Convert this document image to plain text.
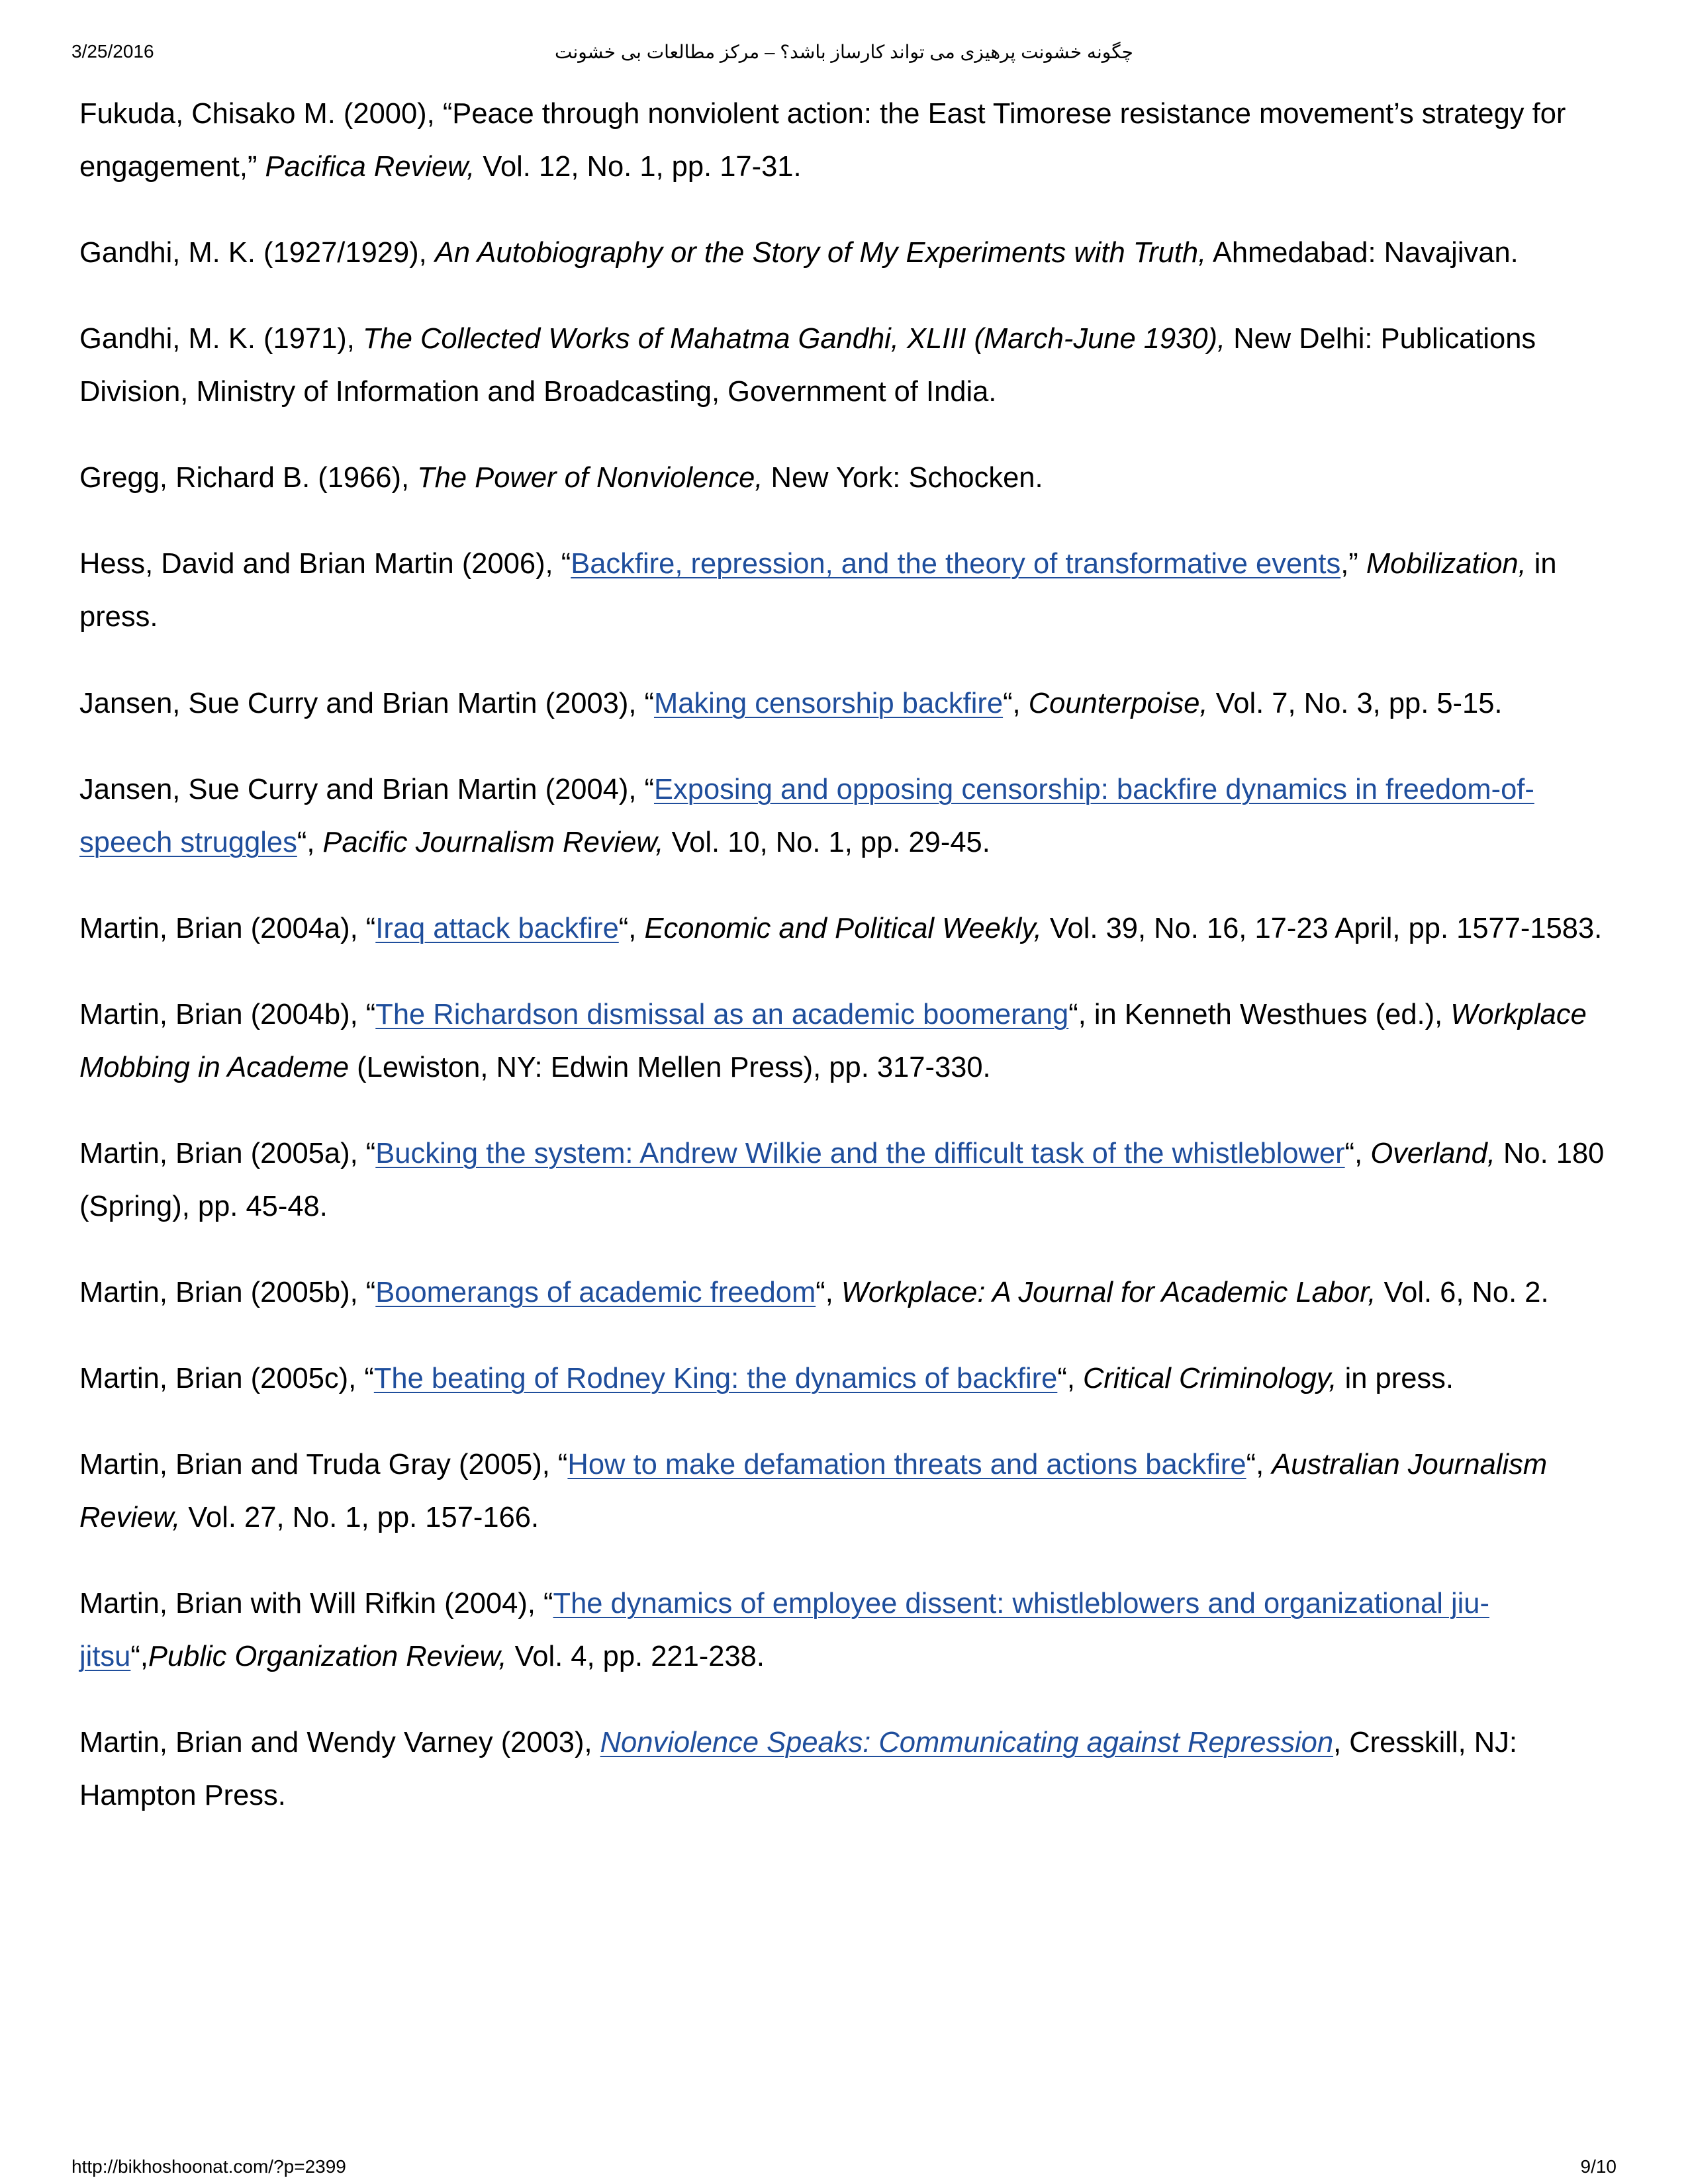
3/25/2016	چگونه خشونت پرهیزی می تواند کارساز باشد؟ – مرکز مطالعات بی خشونت

Fukuda, Chisako M. (2000), “Peace through nonviolent action: the East Timorese resistance movement’s strategy for engagement,” Pacifica Review, Vol. 12, No. 1, pp. 17-31.

Gandhi, M. K. (1927/1929), An Autobiography or the Story of My Experiments with Truth, Ahmedabad: Navajivan.

Gandhi, M. K. (1971), The Collected Works of Mahatma Gandhi, XLIII (March-June 1930), New Delhi: Publications Division, Ministry of Information and Broadcasting, Government of India.

Gregg, Richard B. (1966), The Power of Nonviolence, New York: Schocken.

Hess, David and Brian Martin (2006), “Backfire, repression, and the theory of transformative events,” Mobilization, in press.

Jansen, Sue Curry and Brian Martin (2003), “Making censorship backfire“, Counterpoise, Vol. 7, No. 3, pp. 5-15.

Jansen, Sue Curry and Brian Martin (2004), “Exposing and opposing censorship: backfire dynamics in freedom-of-speech struggles“, Pacific Journalism Review, Vol. 10, No. 1, pp. 29-45.

Martin, Brian (2004a), “Iraq attack backfire“, Economic and Political Weekly, Vol. 39, No. 16, 17-23 April, pp. 1577-1583.

Martin, Brian (2004b), “The Richardson dismissal as an academic boomerang“, in Kenneth Westhues (ed.), Workplace Mobbing in Academe (Lewiston, NY: Edwin Mellen Press), pp. 317-330.

Martin, Brian (2005a), “Bucking the system: Andrew Wilkie and the difficult task of the whistleblower“, Overland, No. 180 (Spring), pp. 45-48.

Martin, Brian (2005b), “Boomerangs of academic freedom“, Workplace: A Journal for Academic Labor, Vol. 6, No. 2.

Martin, Brian (2005c), “The beating of Rodney King: the dynamics of backfire“, Critical Criminology, in press.

Martin, Brian and Truda Gray (2005), “How to make defamation threats and actions backfire“, Australian Journalism Review, Vol. 27, No. 1, pp. 157-166.

Martin, Brian with Will Rifkin (2004), “The dynamics of employee dissent: whistleblowers and organizational jiu-jitsu“,Public Organization Review, Vol. 4, pp. 221-238.

Martin, Brian and Wendy Varney (2003), Nonviolence Speaks: Communicating against Repression, Cresskill, NJ: Hampton Press.

http://bikhoshoonat.com/?p=2399	9/10
